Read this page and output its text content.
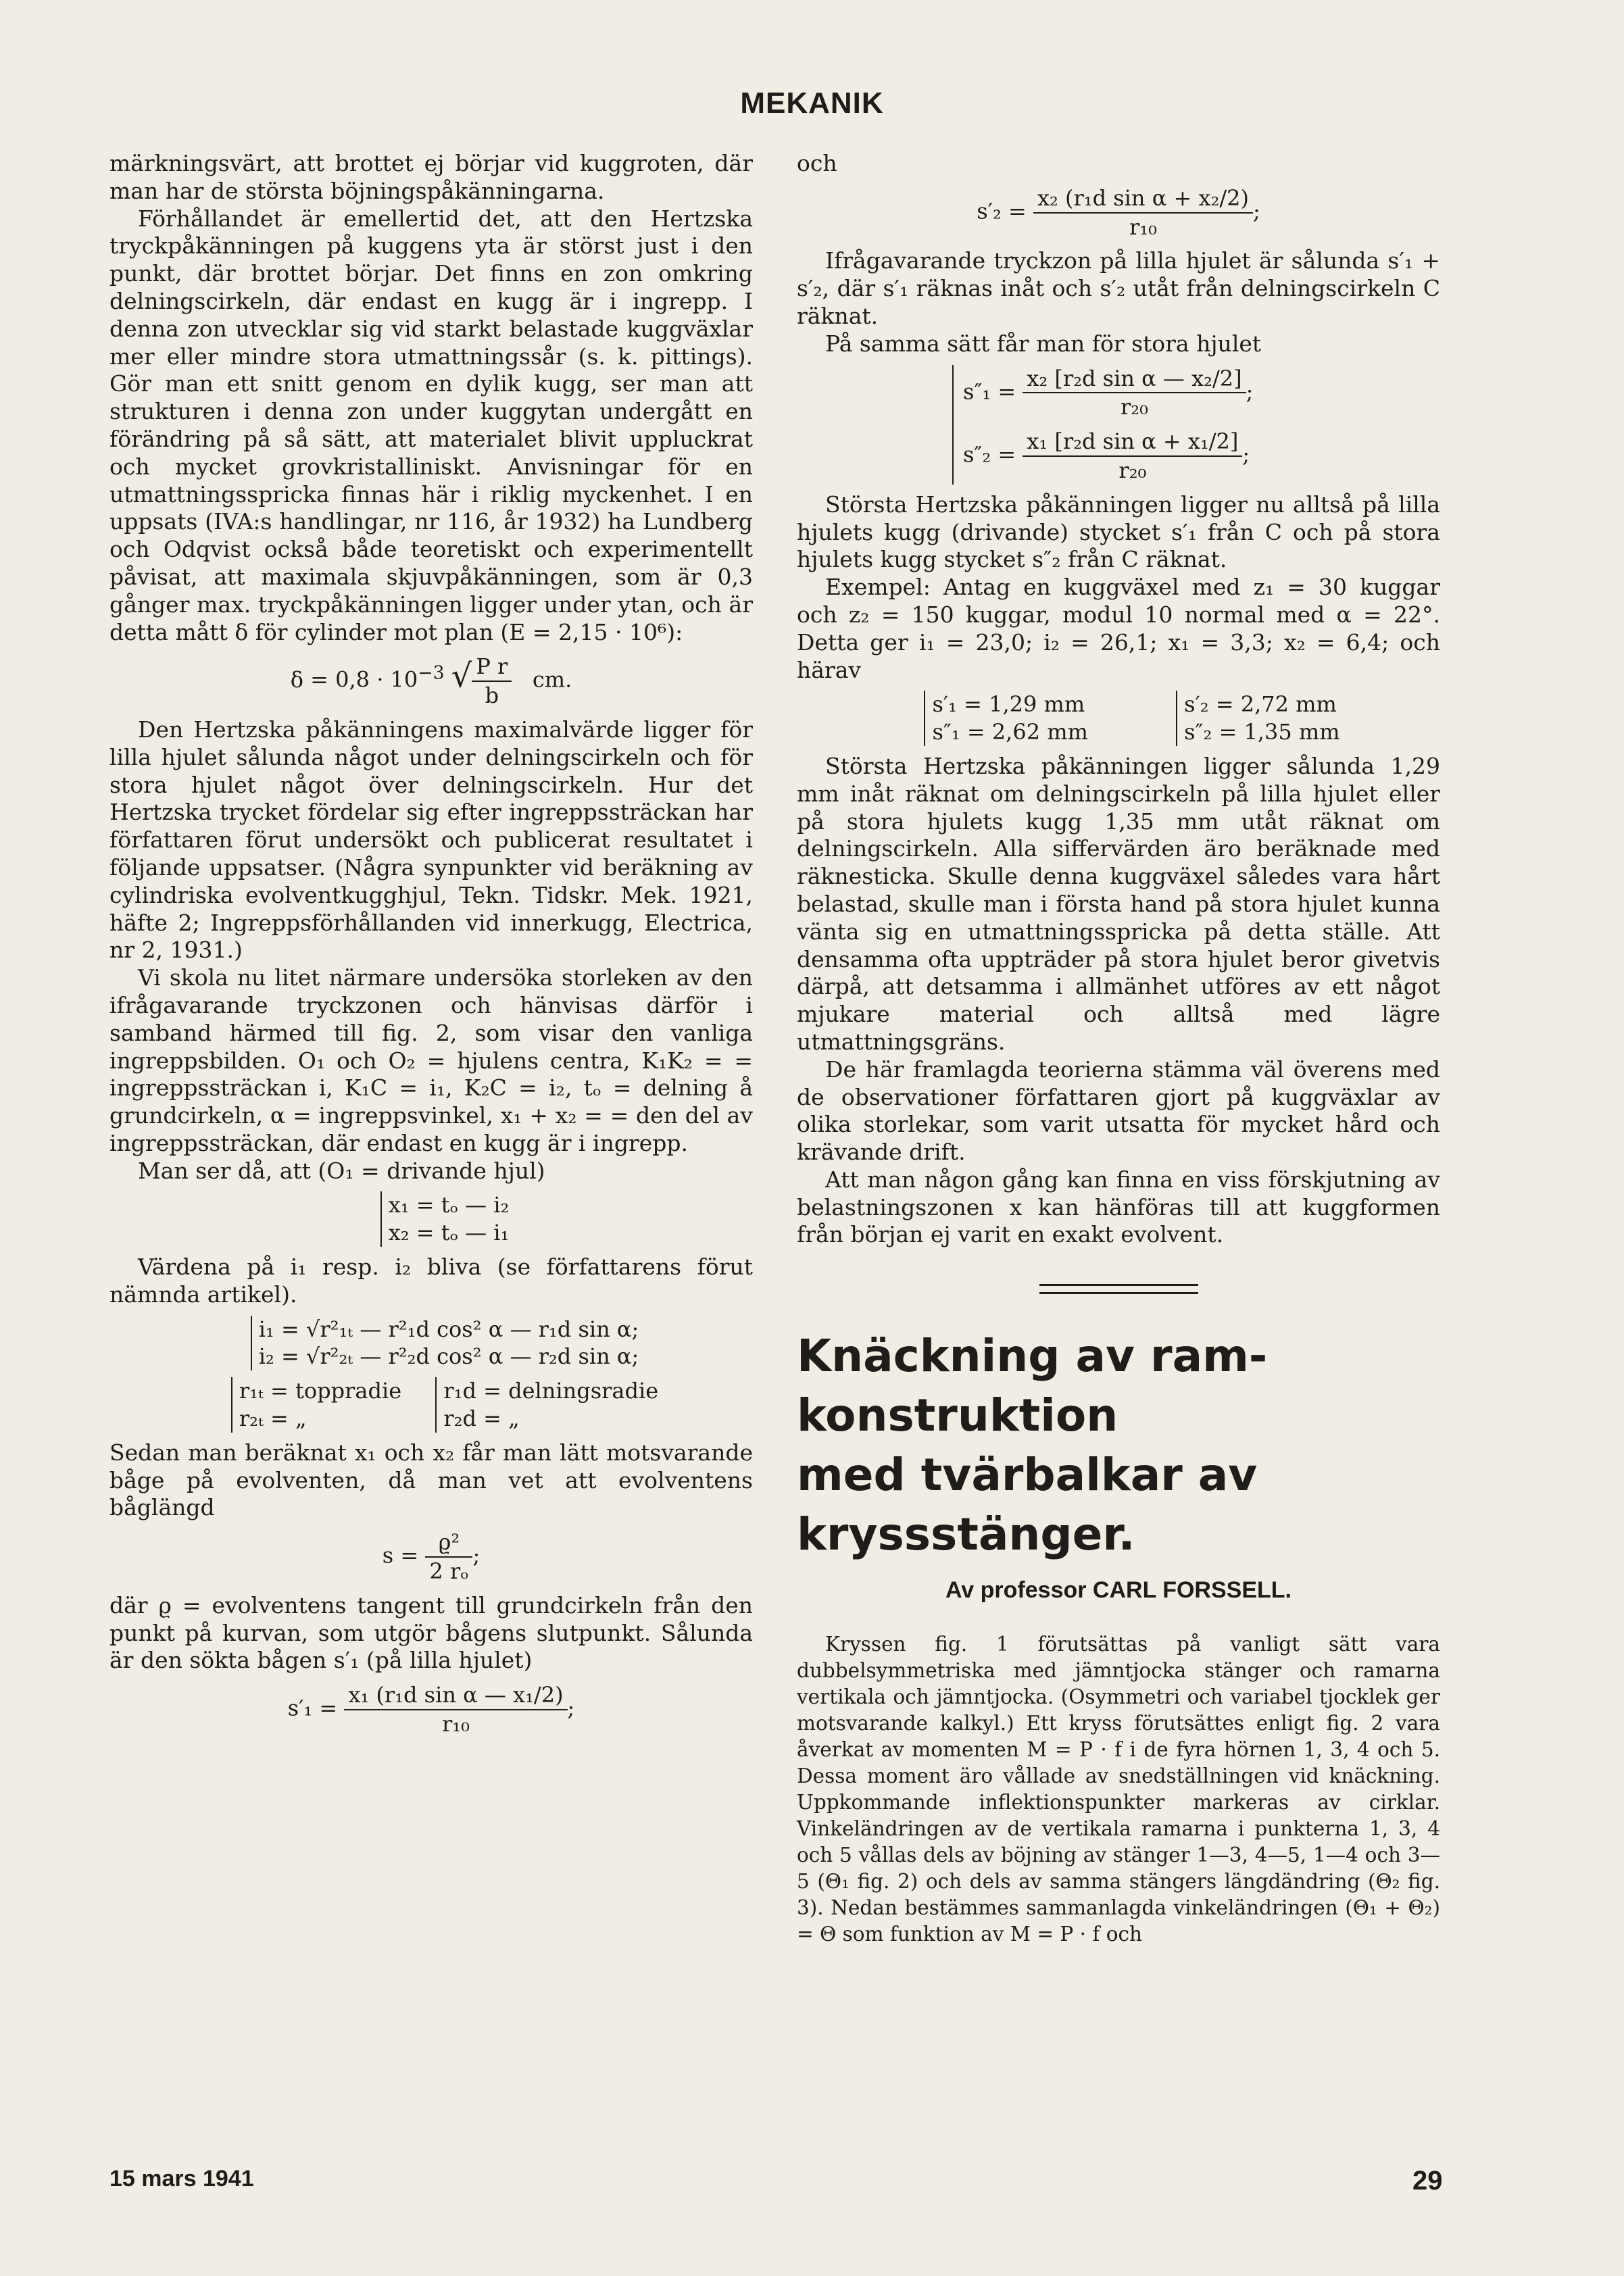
MEKANIK

märkningsvärt, att brottet ej börjar vid kuggroten, där man har de största böjningspåkänningarna.

Förhållandet är emellertid det, att den Hertzska tryckpåkänningen på kuggens yta är störst just i den punkt, där brottet börjar. Det finns en zon omkring delningscirkeln, där endast en kugg är i ingrepp. I denna zon utvecklar sig vid starkt belastade kuggväxlar mer eller mindre stora utmattningssår (s. k. pittings). Gör man ett snitt genom en dylik kugg, ser man att strukturen i denna zon under kuggytan undergått en förändring på så sätt, att materialet blivit uppluckrat och mycket grovkristalliniskt. Anvisningar för en utmattningsspricka finnas här i riklig myckenhet. I en uppsats (IVA:s handlingar, nr 116, år 1932) ha Lundberg och Odqvist också både teoretiskt och experimentellt påvisat, att maximala skjuvpåkänningen, som är 0,3 gånger max. tryckpåkänningen ligger under ytan, och är detta mått δ för cylinder mot plan (E = 2,15 · 10⁶):

$\delta = 0,8 \cdot 10^{-3}$ √ $\frac{\text{P r}}{b}$ cm.

Den Hertzska påkänningens maximalvärde ligger för lilla hjulet sålunda något under delningscirkeln och för stora hjulet något över delningscirkeln. Hur det Hertzska trycket fördelar sig efter ingreppssträckan har författaren förut undersökt och publicerat resultatet i följande uppsatser. (Några synpunkter vid beräkning av cylindriska evolventkugghjul, Tekn. Tidskr. Mek. 1921, häfte 2; Ingreppsförhållanden vid innerkugg, Electrica, nr 2, 1931.)

Vi skola nu litet närmare undersöka storleken av den ifrågavarande tryckzonen och hänvisas därför i samband härmed till fig. 2, som visar den vanliga ingreppsbilden. O₁ och O₂ = hjulens centra, K₁K₂ = = ingreppssträckan i, K₁C = i₁, K₂C = i₂, tₒ = delning å grundcirkeln, α = ingreppsvinkel, x₁ + x₂ = = den del av ingreppssträckan, där endast en kugg är i ingrepp.

Man ser då, att (O₁ = drivande hjul)

x₁ = tₒ — i₂
x₂ = tₒ — i₁

Värdena på i₁ resp. i₂ bliva (se författarens förut nämnda artikel).

i₁ = √r²₁ₜ — r²₁d cos² α — r₁d sin α;
i₂ = √r²₂ₜ — r²₂d cos² α — r₂d sin α;
r₁ₜ = toppradie
r₂ₜ = „

r₁d = delningsradie
r₂d = „

Sedan man beräknat x₁ och x₂ får man lätt motsvarande båge på evolventen, då man vet att evolventens båglängd

$s = \frac{\text{ϱ²}}{\text{2 rₒ}}$ ;

där ϱ = evolventens tangent till grundcirkeln från den punkt på kurvan, som utgör bågens slutpunkt. Sålunda är den sökta bågen s′₁ (på lilla hjulet)

$s'_1 = \frac{\text{x₁ (r₁d sin α — x₁/2)}}{\text{r₁₀}}$ ;

och

$s'_2 = \frac{\text{x₂ (r₁d sin α + x₂/2)}}{\text{r₁₀}}$ ;

Ifrågavarande tryckzon på lilla hjulet är sålunda s′₁ + s′₂, där s′₁ räknas inåt och s′₂ utåt från delningscirkeln C räknat.

På samma sätt får man för stora hjulet

$s''_1 = \frac{\text{x₂ [r₂d sin α — x₂/2]}}{\text{r₂₀}}$ ;
$s''_2 = \frac{\text{x₁ [r₂d sin α + x₁/2]}}{\text{r₂₀}}$ ;

Största Hertzska påkänningen ligger nu alltså på lilla hjulets kugg (drivande) stycket s′₁ från C och på stora hjulets kugg stycket s″₂ från C räknat.

Exempel: Antag en kuggväxel med z₁ = 30 kuggar och z₂ = 150 kuggar, modul 10 normal med α = 22°. Detta ger i₁ = 23,0; i₂ = 26,1; x₁ = 3,3; x₂ = 6,4; och härav

s′₁ = 1,29 mm
s″₁ = 2,62 mm

s′₂ = 2,72 mm
s″₂ = 1,35 mm

Största Hertzska påkänningen ligger sålunda 1,29 mm inåt räknat om delningscirkeln på lilla hjulet eller på stora hjulets kugg 1,35 mm utåt räknat om delningscirkeln. Alla siffervärden äro beräknade med räknesticka. Skulle denna kuggväxel således vara hårt belastad, skulle man i första hand på stora hjulet kunna vänta sig en utmattningsspricka på detta ställe. Att densamma ofta uppträder på stora hjulet beror givetvis därpå, att detsamma i allmänhet utföres av ett något mjukare material och alltså med lägre utmattningsgräns.

De här framlagda teorierna stämma väl överens med de observationer författaren gjort på kuggväxlar av olika storlekar, som varit utsatta för mycket hård och krävande drift.

Att man någon gång kan finna en viss förskjutning av belastningszonen x kan hänföras till att kuggformen från början ej varit en exakt evolvent.

Knäckning av ram-konstruktion
med tvärbalkar av kryssstänger.
Av professor CARL FORSSELL.

Kryssen fig. 1 förutsättas på vanligt sätt vara dubbelsymmetriska med jämntjocka stänger och ramarna vertikala och jämntjocka. (Osymmetri och variabel tjocklek ger motsvarande kalkyl.) Ett kryss förutsättes enligt fig. 2 vara åverkat av momenten M = P · f i de fyra hörnen 1, 3, 4 och 5. Dessa moment äro vållade av snedställningen vid knäckning. Uppkommande inflektionspunkter markeras av cirklar. Vinkeländringen av de vertikala ramarna i punkterna 1, 3, 4 och 5 vållas dels av böjning av stänger 1—3, 4—5, 1—4 och 3—5 (Θ₁ fig. 2) och dels av samma stängers längdändring (Θ₂ fig. 3). Nedan bestämmes sammanlagda vinkeländringen (Θ₁ + Θ₂) = Θ som funktion av M = P · f och

15 mars 1941	29
